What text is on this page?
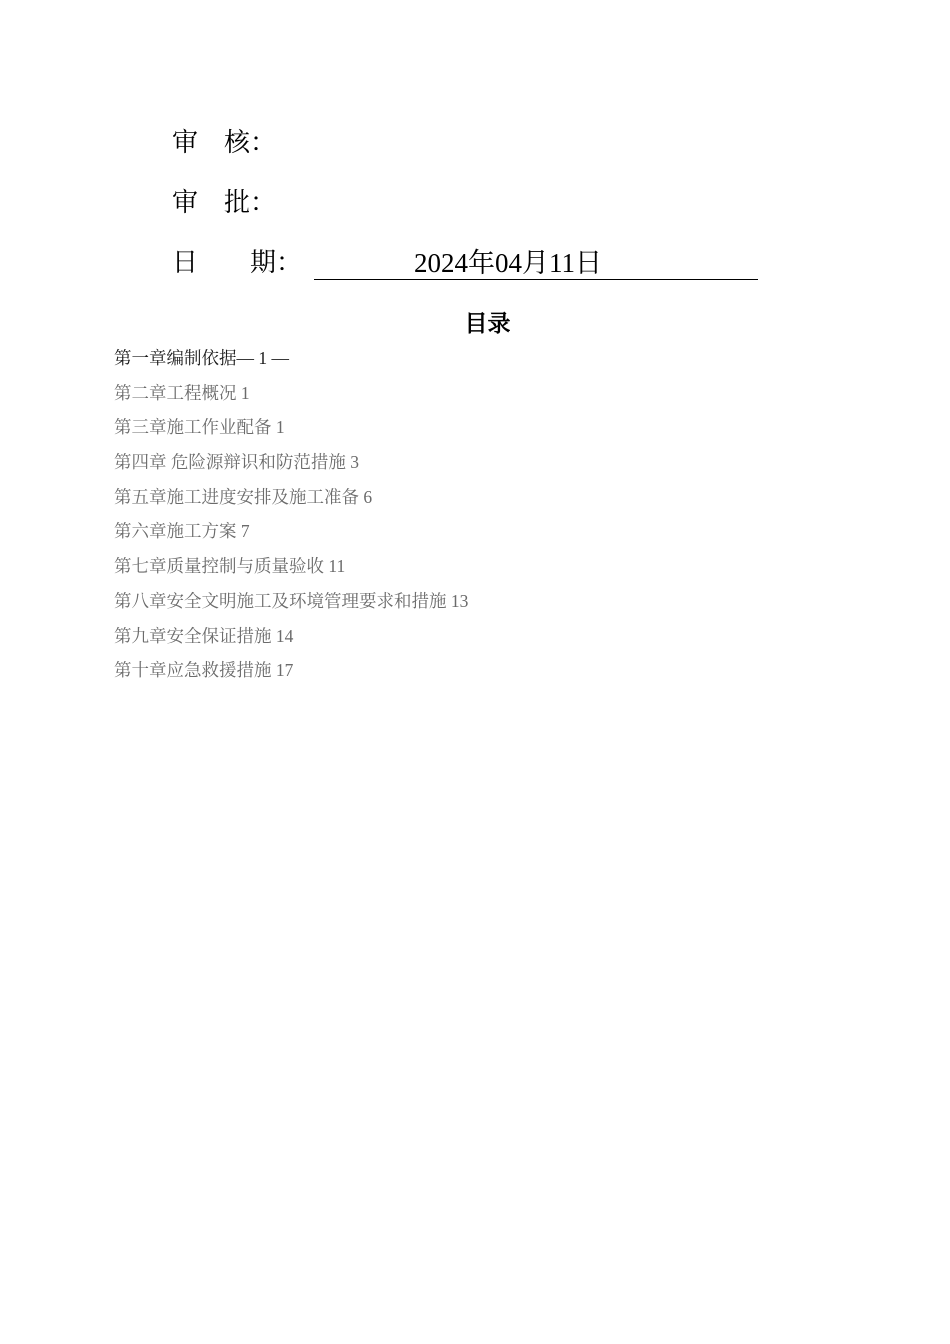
审　核：
审　批：
日　　期：	2024年04月11日
目录
第一章编制依据— 1 —
第二章工程概况 1
第三章施工作业配备 1
第四章 危险源辩识和防范措施 3
第五章施工进度安排及施工准备 6
第六章施工方案 7
第七章质量控制与质量验收 11
第八章安全文明施工及环境管理要求和措施 13
第九章安全保证措施 14
第十章应急救援措施 17
